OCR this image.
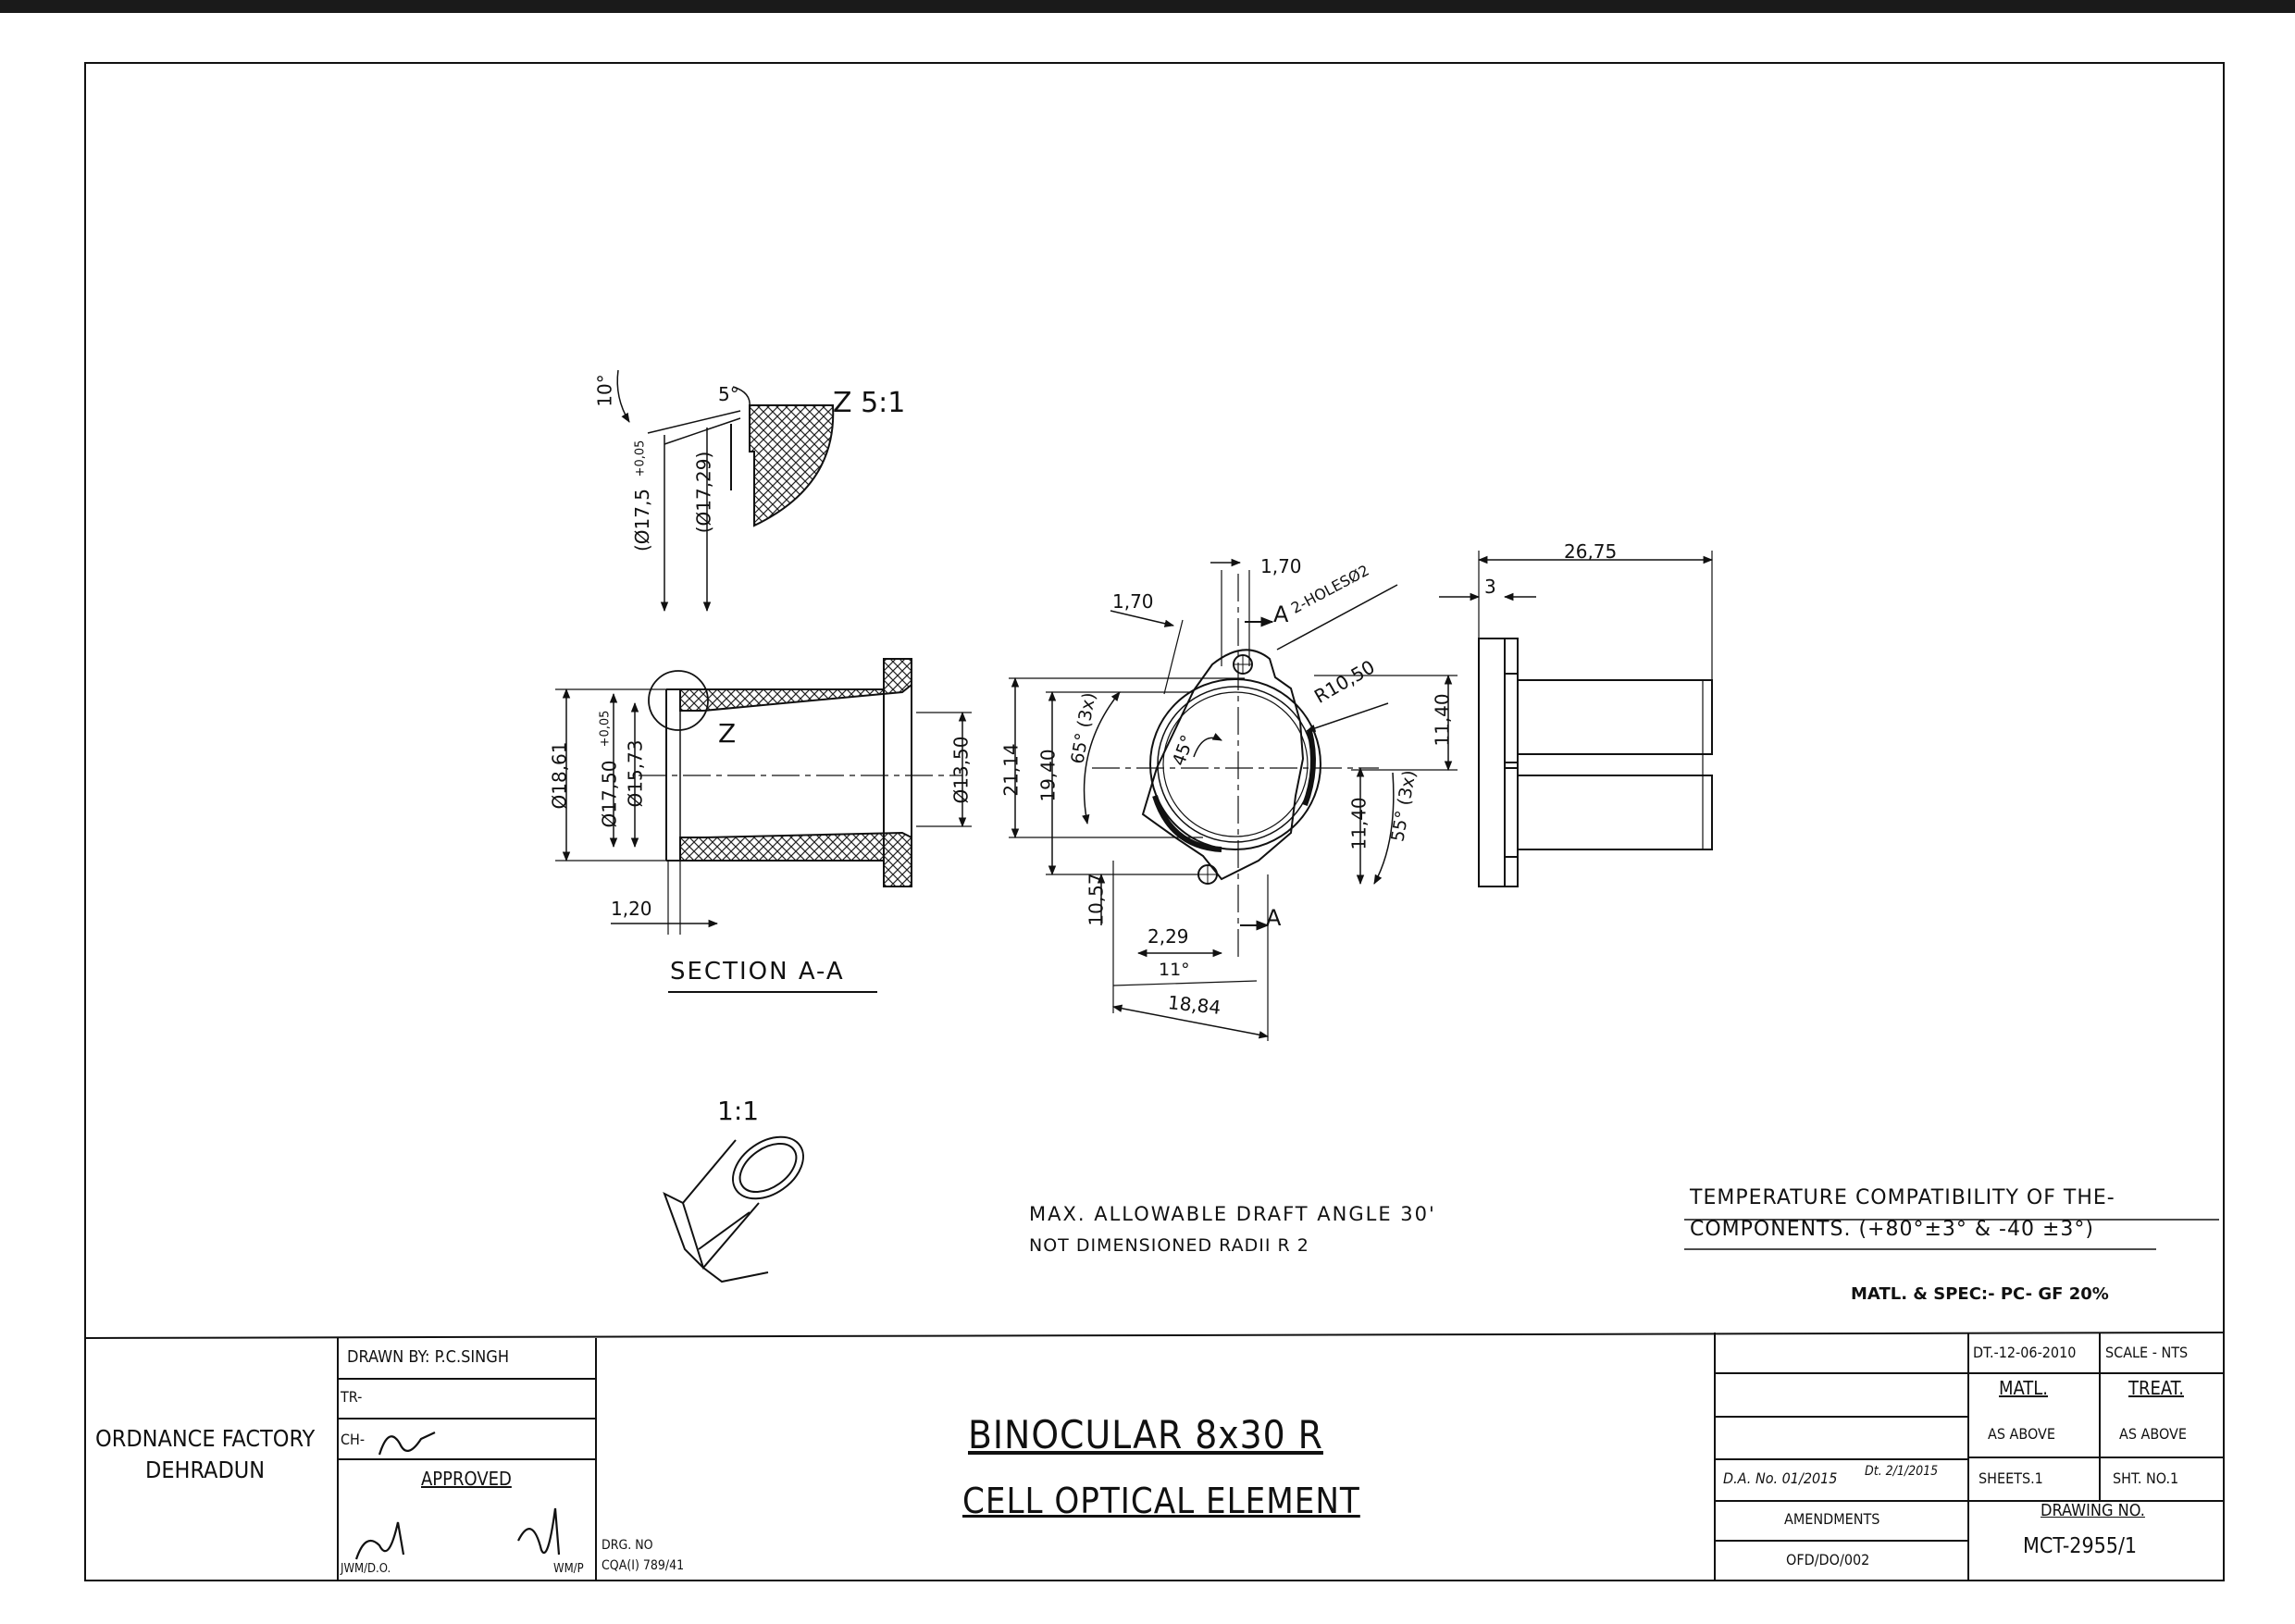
Z 5:1
10°	5°
(Ø17,5
+0,05 (Ø17,29)
Ø18,61 Ø17,50
+0,05
Ø15,73	Ø13,50
Z
1,20
SECTION A-A
1,70
1,70	A
A
2-HOLESØ2
R10,50
21,14 19,40
65° (3x)	45°
11,40
11,40 55° (3x)
10,57
2,29
11°
18,84
26,75
3
1:1
MAX. ALLOWABLE DRAFT ANGLE 30'
NOT DIMENSIONED RADII R 2
TEMPERATURE COMPATIBILITY OF THE-
COMPONENTS. (+80°±3° & -40 ±3°)
MATL. & SPEC:- PC- GF 20%
ORDNANCE FACTORY
DEHRADUN
DRAWN BY: P.C.SINGH
TR-
CH-
APPROVED
JWM/D.O.	WM/P
DRG. NO
CQA(I) 789/41
BINOCULAR 8x30 R
CELL OPTICAL ELEMENT
DT.-12-06-2010 SCALE - NTS
MATL.	TREAT.
AS ABOVE	AS ABOVE
D.A. No. 01/2015 Dt. 2/1/2015	SHEETS.1	SHT. NO.1
AMENDMENTS	DRAWING NO.
OFD/DO/002
MCT-2955/1
